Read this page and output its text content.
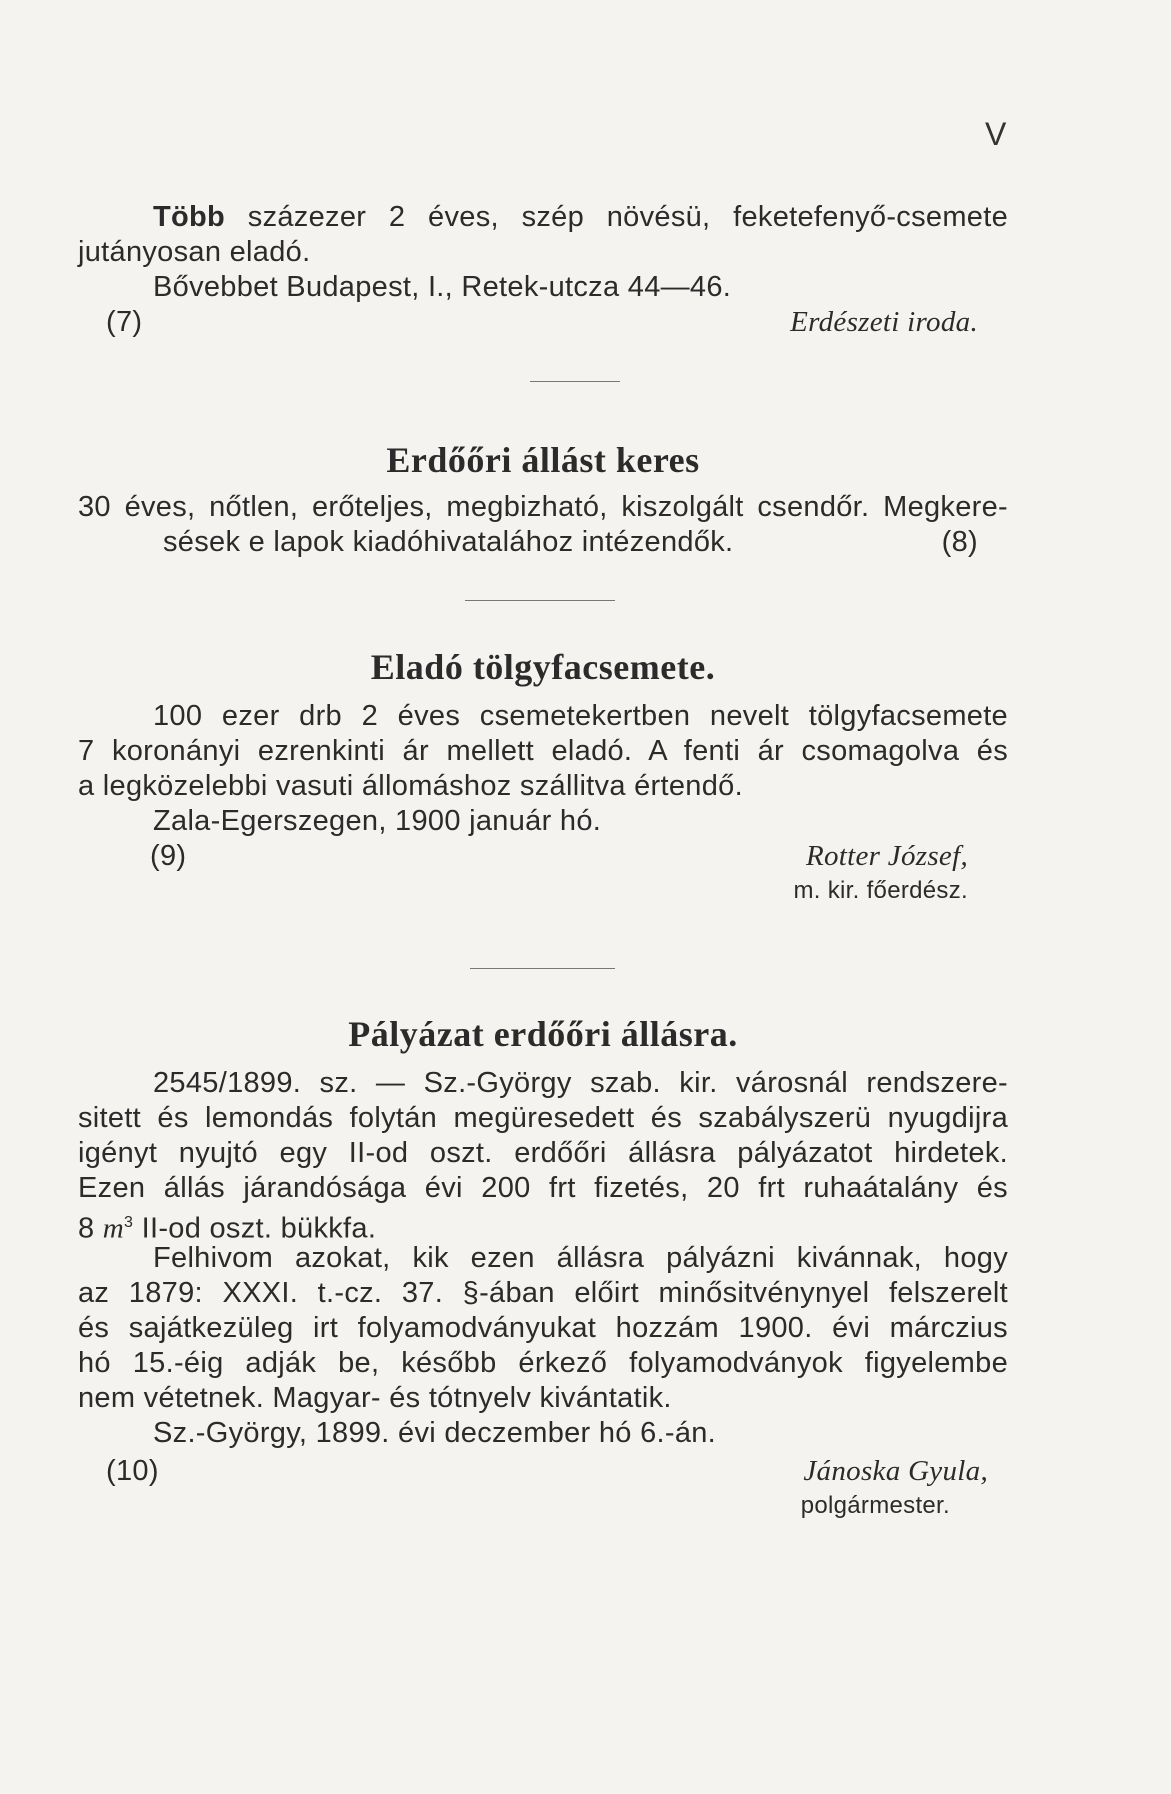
V
Több százezer 2 éves, szép növésü, feketefenyő-csemete
jutányosan eladó.
Bővebbet Budapest, I., Retek-utcza 44—46.
(7)	Erdészeti iroda.
Erdőőri állást keres
30 éves, nőtlen, erőteljes, megbizható, kiszolgált csendőr. Megkere-
sések e lapok kiadóhivatalához intézendők.	(8)
Eladó tölgyfacsemete.
100 ezer drb 2 éves csemetekertben nevelt tölgyfacsemete
7 koronányi ezrenkinti ár mellett eladó. A fenti ár csomagolva és
a legközelebbi vasuti állomáshoz szállitva értendő.
Zala-Egerszegen, 1900 január hó.
(9)	Rotter József,
m. kir. főerdész.
Pályázat erdőőri állásra.
2545/1899. sz. — Sz.-György szab. kir. városnál rendszere-
sitett és lemondás folytán megüresedett és szabályszerü nyugdijra
igényt nyujtó egy II-od oszt. erdőőri állásra pályázatot hirdetek.
Ezen állás járandósága évi 200 frt fizetés, 20 frt ruhaátalány és
8 $m^3$ II-od oszt. bükkfa.
Felhivom azokat, kik ezen állásra pályázni kivánnak, hogy
az 1879: XXXI. t.-cz. 37. §-ában előirt minősitvénynyel felszerelt
és sajátkezüleg irt folyamodványukat hozzám 1900. évi márczius
hó 15.-éig adják be, később érkező folyamodványok figyelembe
nem vétetnek. Magyar- és tótnyelv kivántatik.
Sz.-György, 1899. évi deczember hó 6.-án.
(10)	Jánoska Gyula,
polgármester.
